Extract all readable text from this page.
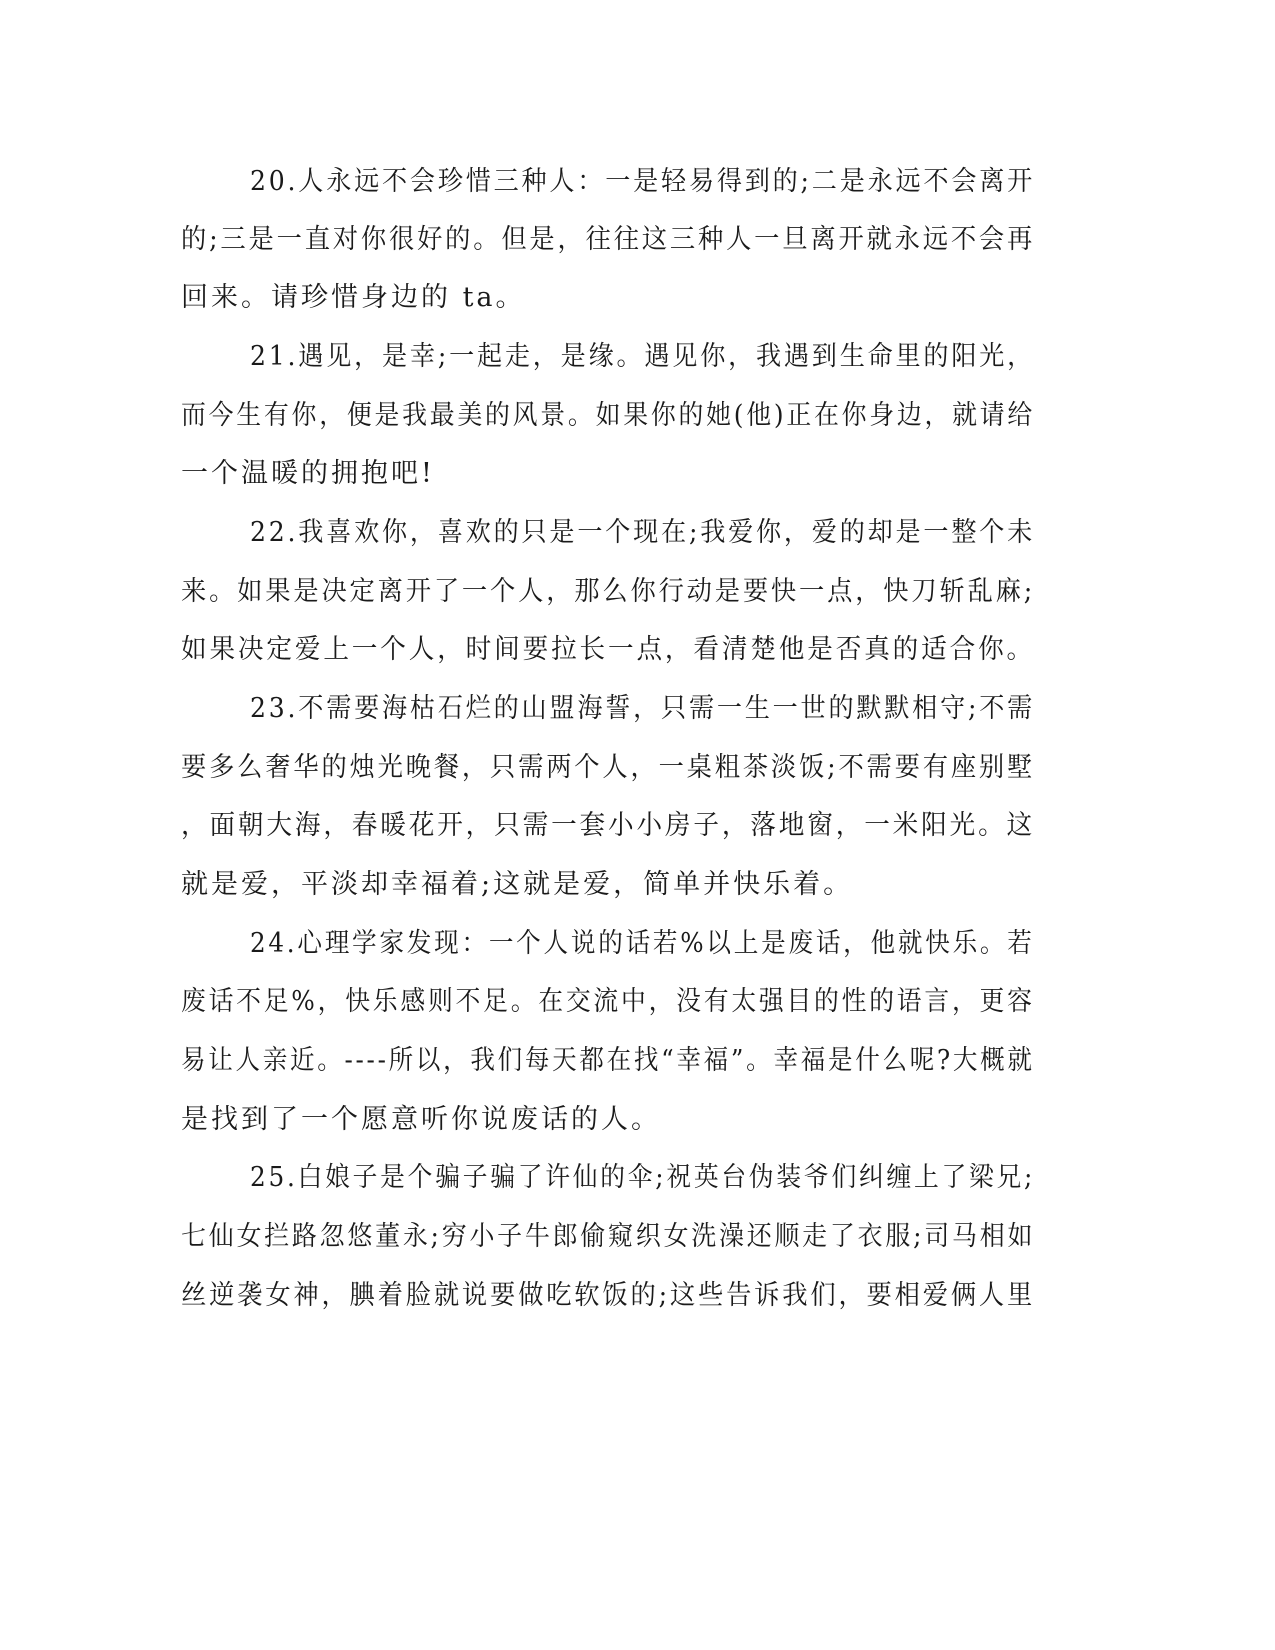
20.人永远不会珍惜三种人：一是轻易得到的;二是永远不会离开
的;三是一直对你很好的。但是，往往这三种人一旦离开就永远不会再
回来。请珍惜身边的 ta。
21.遇见，是幸;一起走，是缘。遇见你，我遇到生命里的阳光，
而今生有你，便是我最美的风景。如果你的她(他)正在你身边，就请给
一个温暖的拥抱吧!
22.我喜欢你，喜欢的只是一个现在;我爱你，爱的却是一整个未
来。如果是决定离开了一个人，那么你行动是要快一点，快刀斩乱麻;
如果决定爱上一个人，时间要拉长一点，看清楚他是否真的适合你。
23.不需要海枯石烂的山盟海誓，只需一生一世的默默相守;不需
要多么奢华的烛光晚餐，只需两个人，一桌粗茶淡饭;不需要有座别墅
，面朝大海，春暖花开，只需一套小小房子，落地窗，一米阳光。这
就是爱，平淡却幸福着;这就是爱，简单并快乐着。
24.心理学家发现：一个人说的话若%以上是废话，他就快乐。若
废话不足%，快乐感则不足。在交流中，没有太强目的性的语言，更容
易让人亲近。----所以，我们每天都在找“幸福”。幸福是什么呢?大概就
是找到了一个愿意听你说废话的人。
25.白娘子是个骗子骗了许仙的伞;祝英台伪装爷们纠缠上了梁兄;
七仙女拦路忽悠董永;穷小子牛郎偷窥织女洗澡还顺走了衣服;司马相如
丝逆袭女神，腆着脸就说要做吃软饭的;这些告诉我们，要相爱俩人里
